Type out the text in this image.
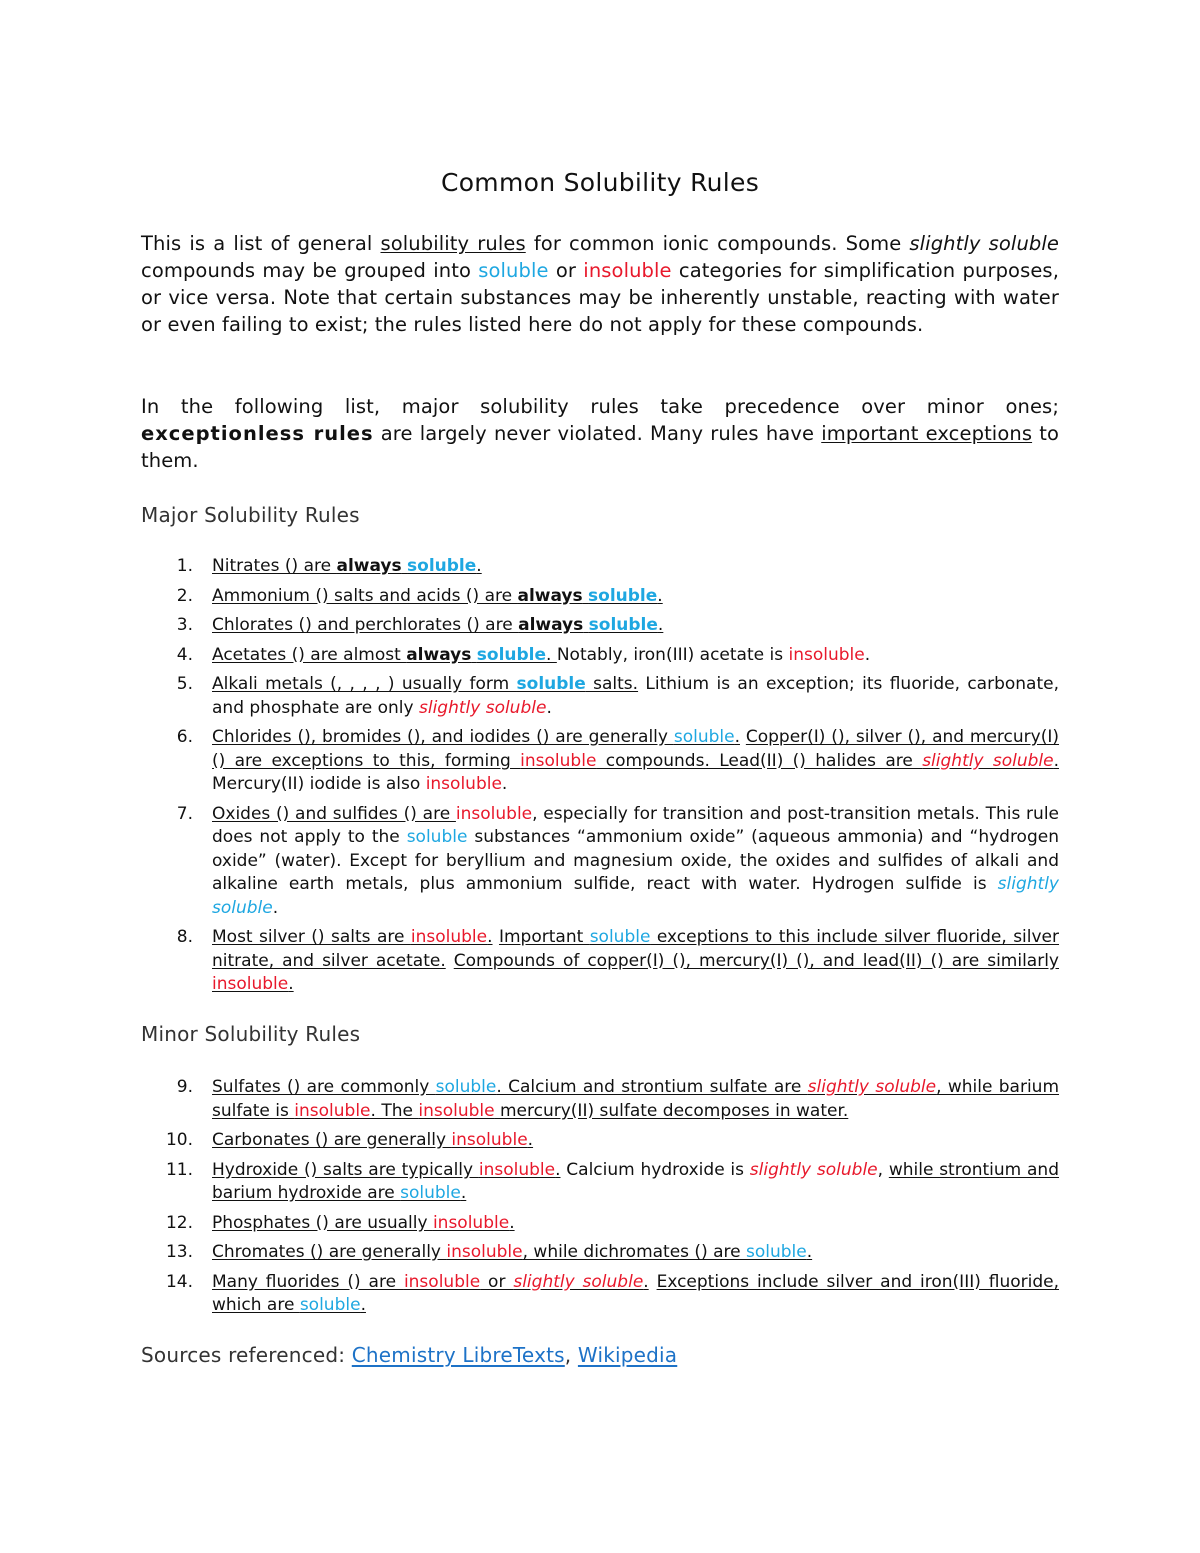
Common Solubility Rules

This is a list of general solubility rules for common ionic compounds. Some slightly soluble compounds may be grouped into soluble or insoluble categories for simplification purposes, or vice versa. Note that certain substances may be inherently unstable, reacting with water or even failing to exist; the rules listed here do not apply for these compounds.

In the following list, major solubility rules take precedence over minor ones; exceptionless rules are largely never violated. Many rules have important exceptions to them.

Major Solubility Rules
1. Nitrates () are always soluble.
2. Ammonium () salts and acids () are always soluble.
3. Chlorates () and perchlorates () are always soluble.
4. Acetates () are almost always soluble. Notably, iron(III) acetate is insoluble.
5. Alkali metals (, , , , ) usually form soluble salts. Lithium is an exception; its fluoride, carbonate, and phosphate are only slightly soluble.
6. Chlorides (), bromides (), and iodides () are generally soluble. Copper(I) (), silver (), and mercury(I) () are exceptions to this, forming insoluble compounds. Lead(II) () halides are slightly soluble. Mercury(II) iodide is also insoluble.
7. Oxides () and sulfides () are insoluble, especially for transition and post-transition metals. This rule does not apply to the soluble substances “ammonium oxide” (aqueous ammonia) and “hydrogen oxide” (water). Except for beryllium and magnesium oxide, the oxides and sulfides of alkali and alkaline earth metals, plus ammonium sulfide, react with water. Hydrogen sulfide is slightly soluble.
8. Most silver () salts are insoluble. Important soluble exceptions to this include silver fluoride, silver nitrate, and silver acetate. Compounds of copper(I) (), mercury(I) (), and lead(II) () are similarly insoluble.
Minor Solubility Rules
9. Sulfates () are commonly soluble. Calcium and strontium sulfate are slightly soluble, while barium sulfate is insoluble. The insoluble mercury(II) sulfate decomposes in water.
10. Carbonates () are generally insoluble.
11. Hydroxide () salts are typically insoluble. Calcium hydroxide is slightly soluble, while strontium and barium hydroxide are soluble.
12. Phosphates () are usually insoluble.
13. Chromates () are generally insoluble, while dichromates () are soluble.
14. Many fluorides () are insoluble or slightly soluble. Exceptions include silver and iron(III) fluoride, which are soluble.
Sources referenced: Chemistry LibreTexts, Wikipedia
